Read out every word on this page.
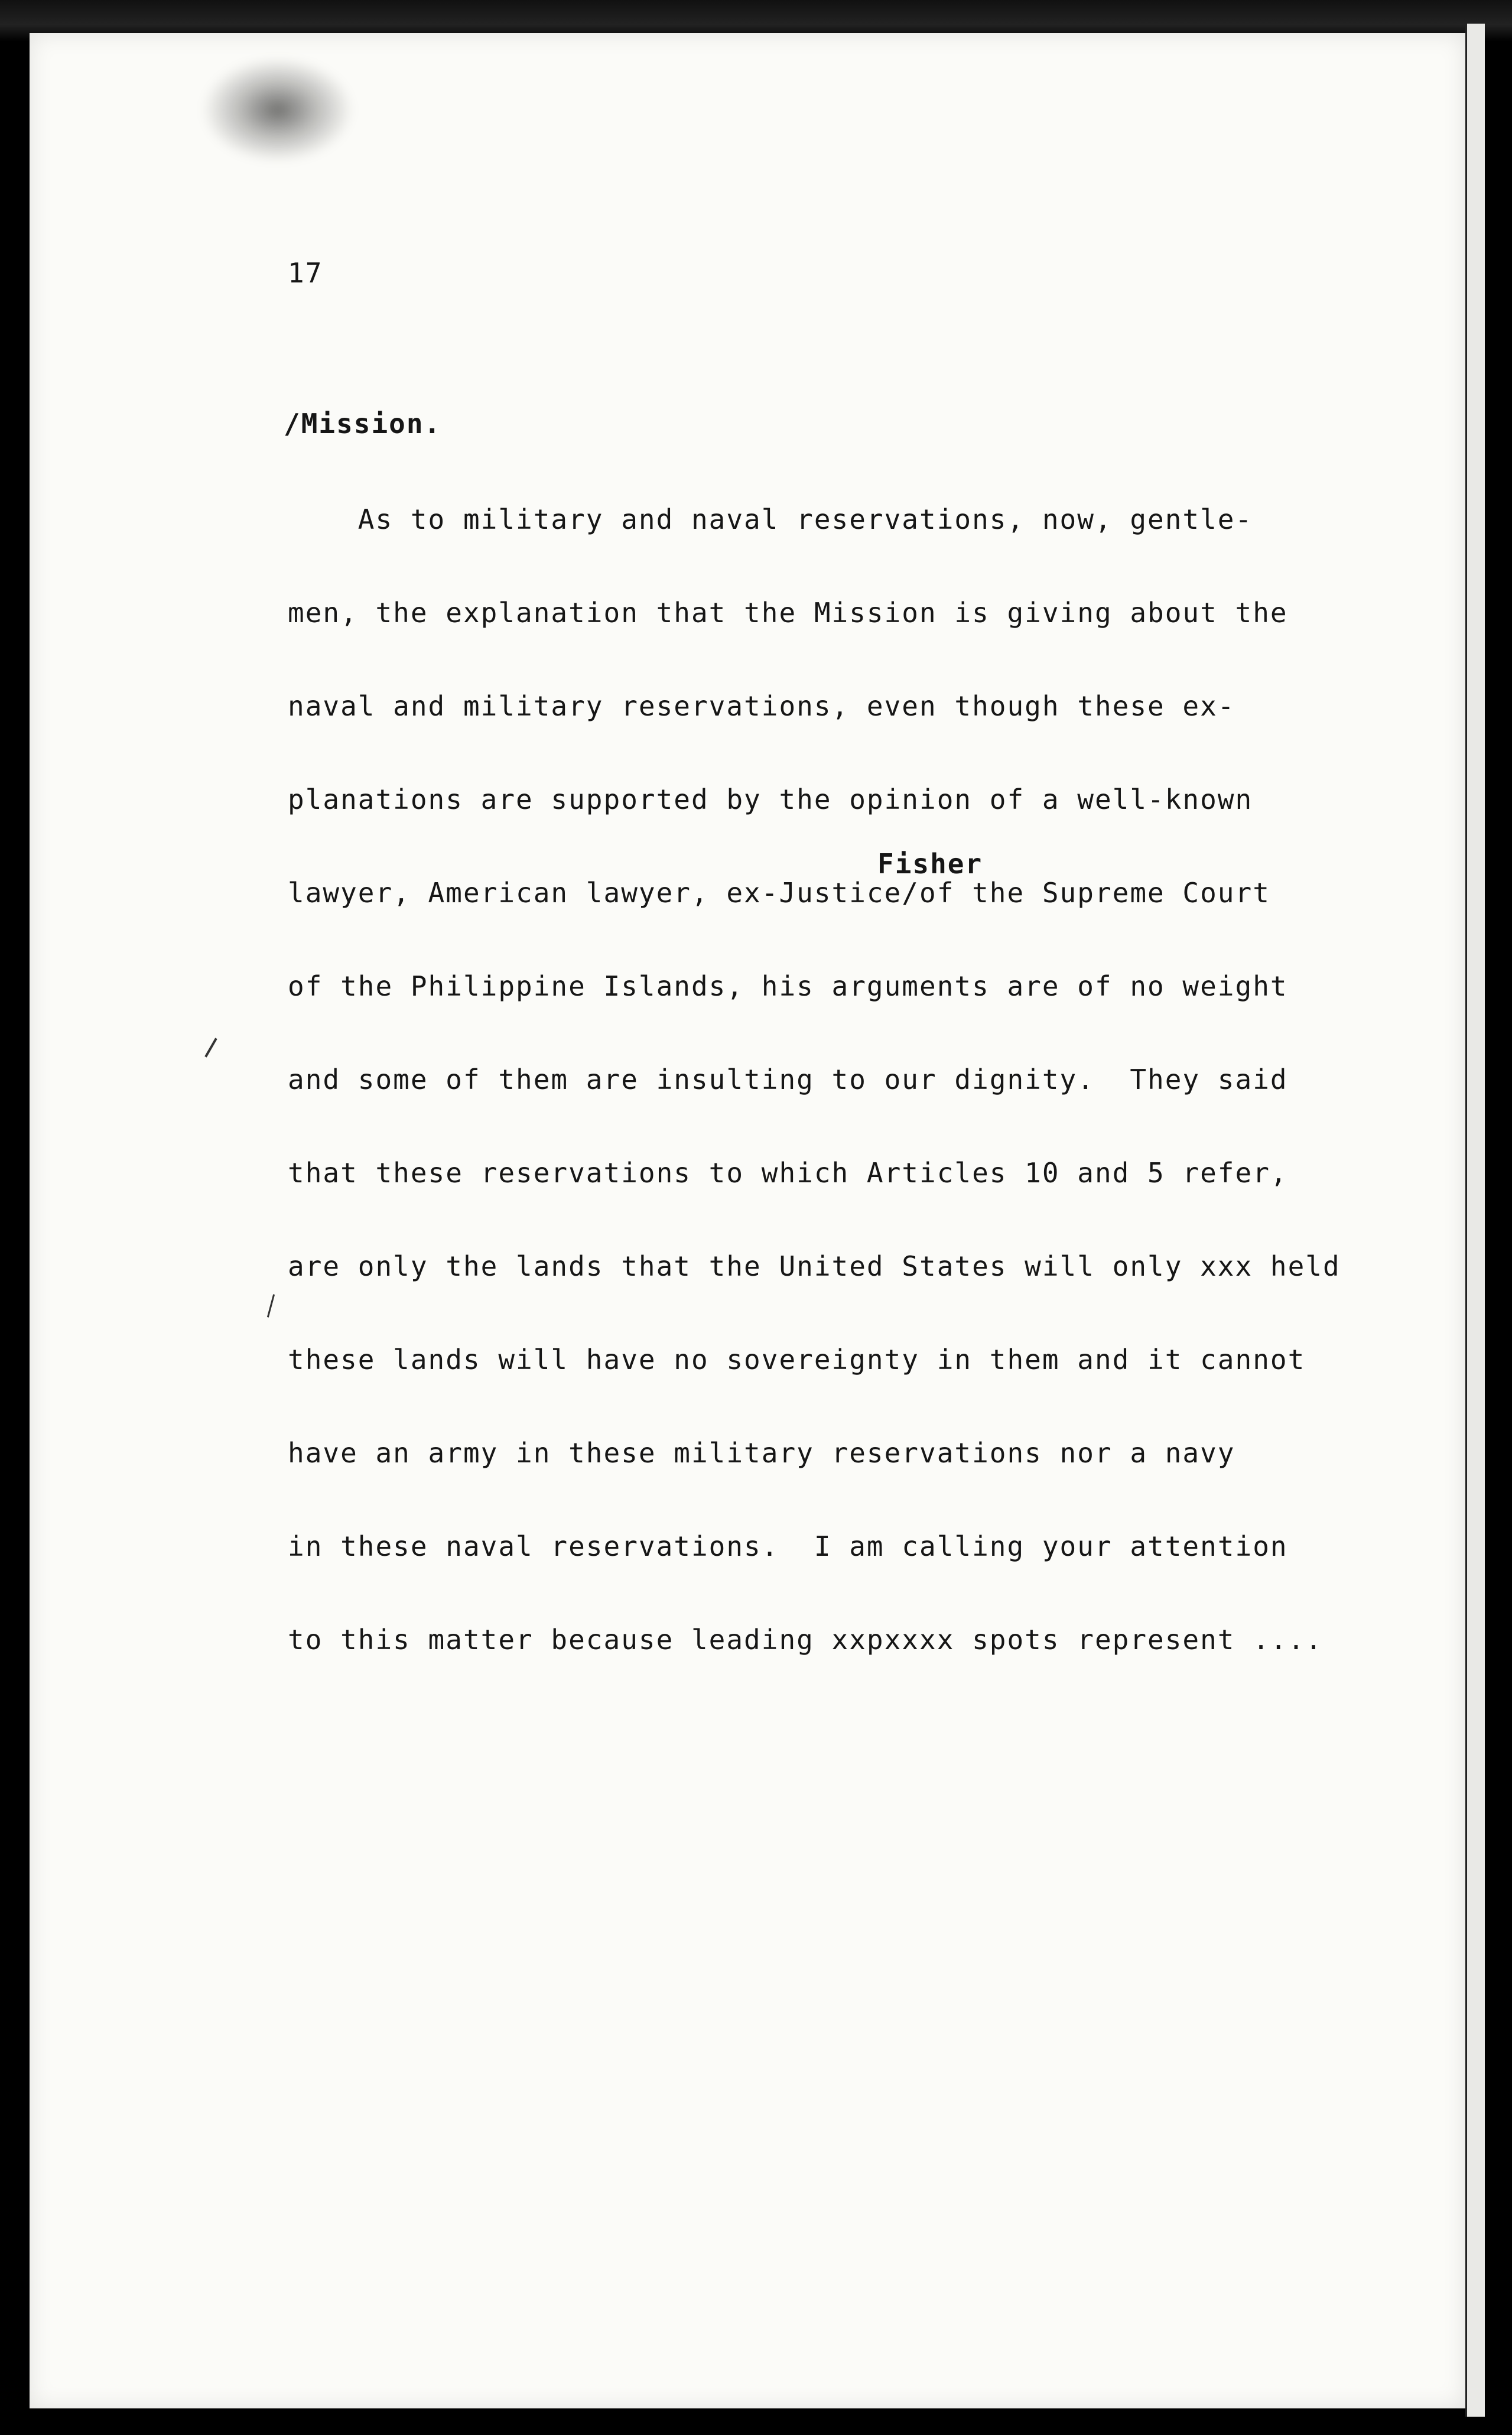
17
/Mission.
Fisher
As to military and naval reservations, now, gentle-
men, the explanation that the Mission is giving about the
naval and military reservations, even though these ex-
planations are supported by the opinion of a well-known
lawyer, American lawyer, ex-Justice/of the Supreme Court
of the Philippine Islands, his arguments are of no weight
and some of them are insulting to our dignity.  They said
that these reservations to which Articles 10 and 5 refer,
are only the lands that the United States will only xxx held
these lands will have no sovereignty in them and it cannot
have an army in these military reservations nor a navy
in these naval reservations.  I am calling your attention
to this matter because leading xxpxxxx spots represent ....
